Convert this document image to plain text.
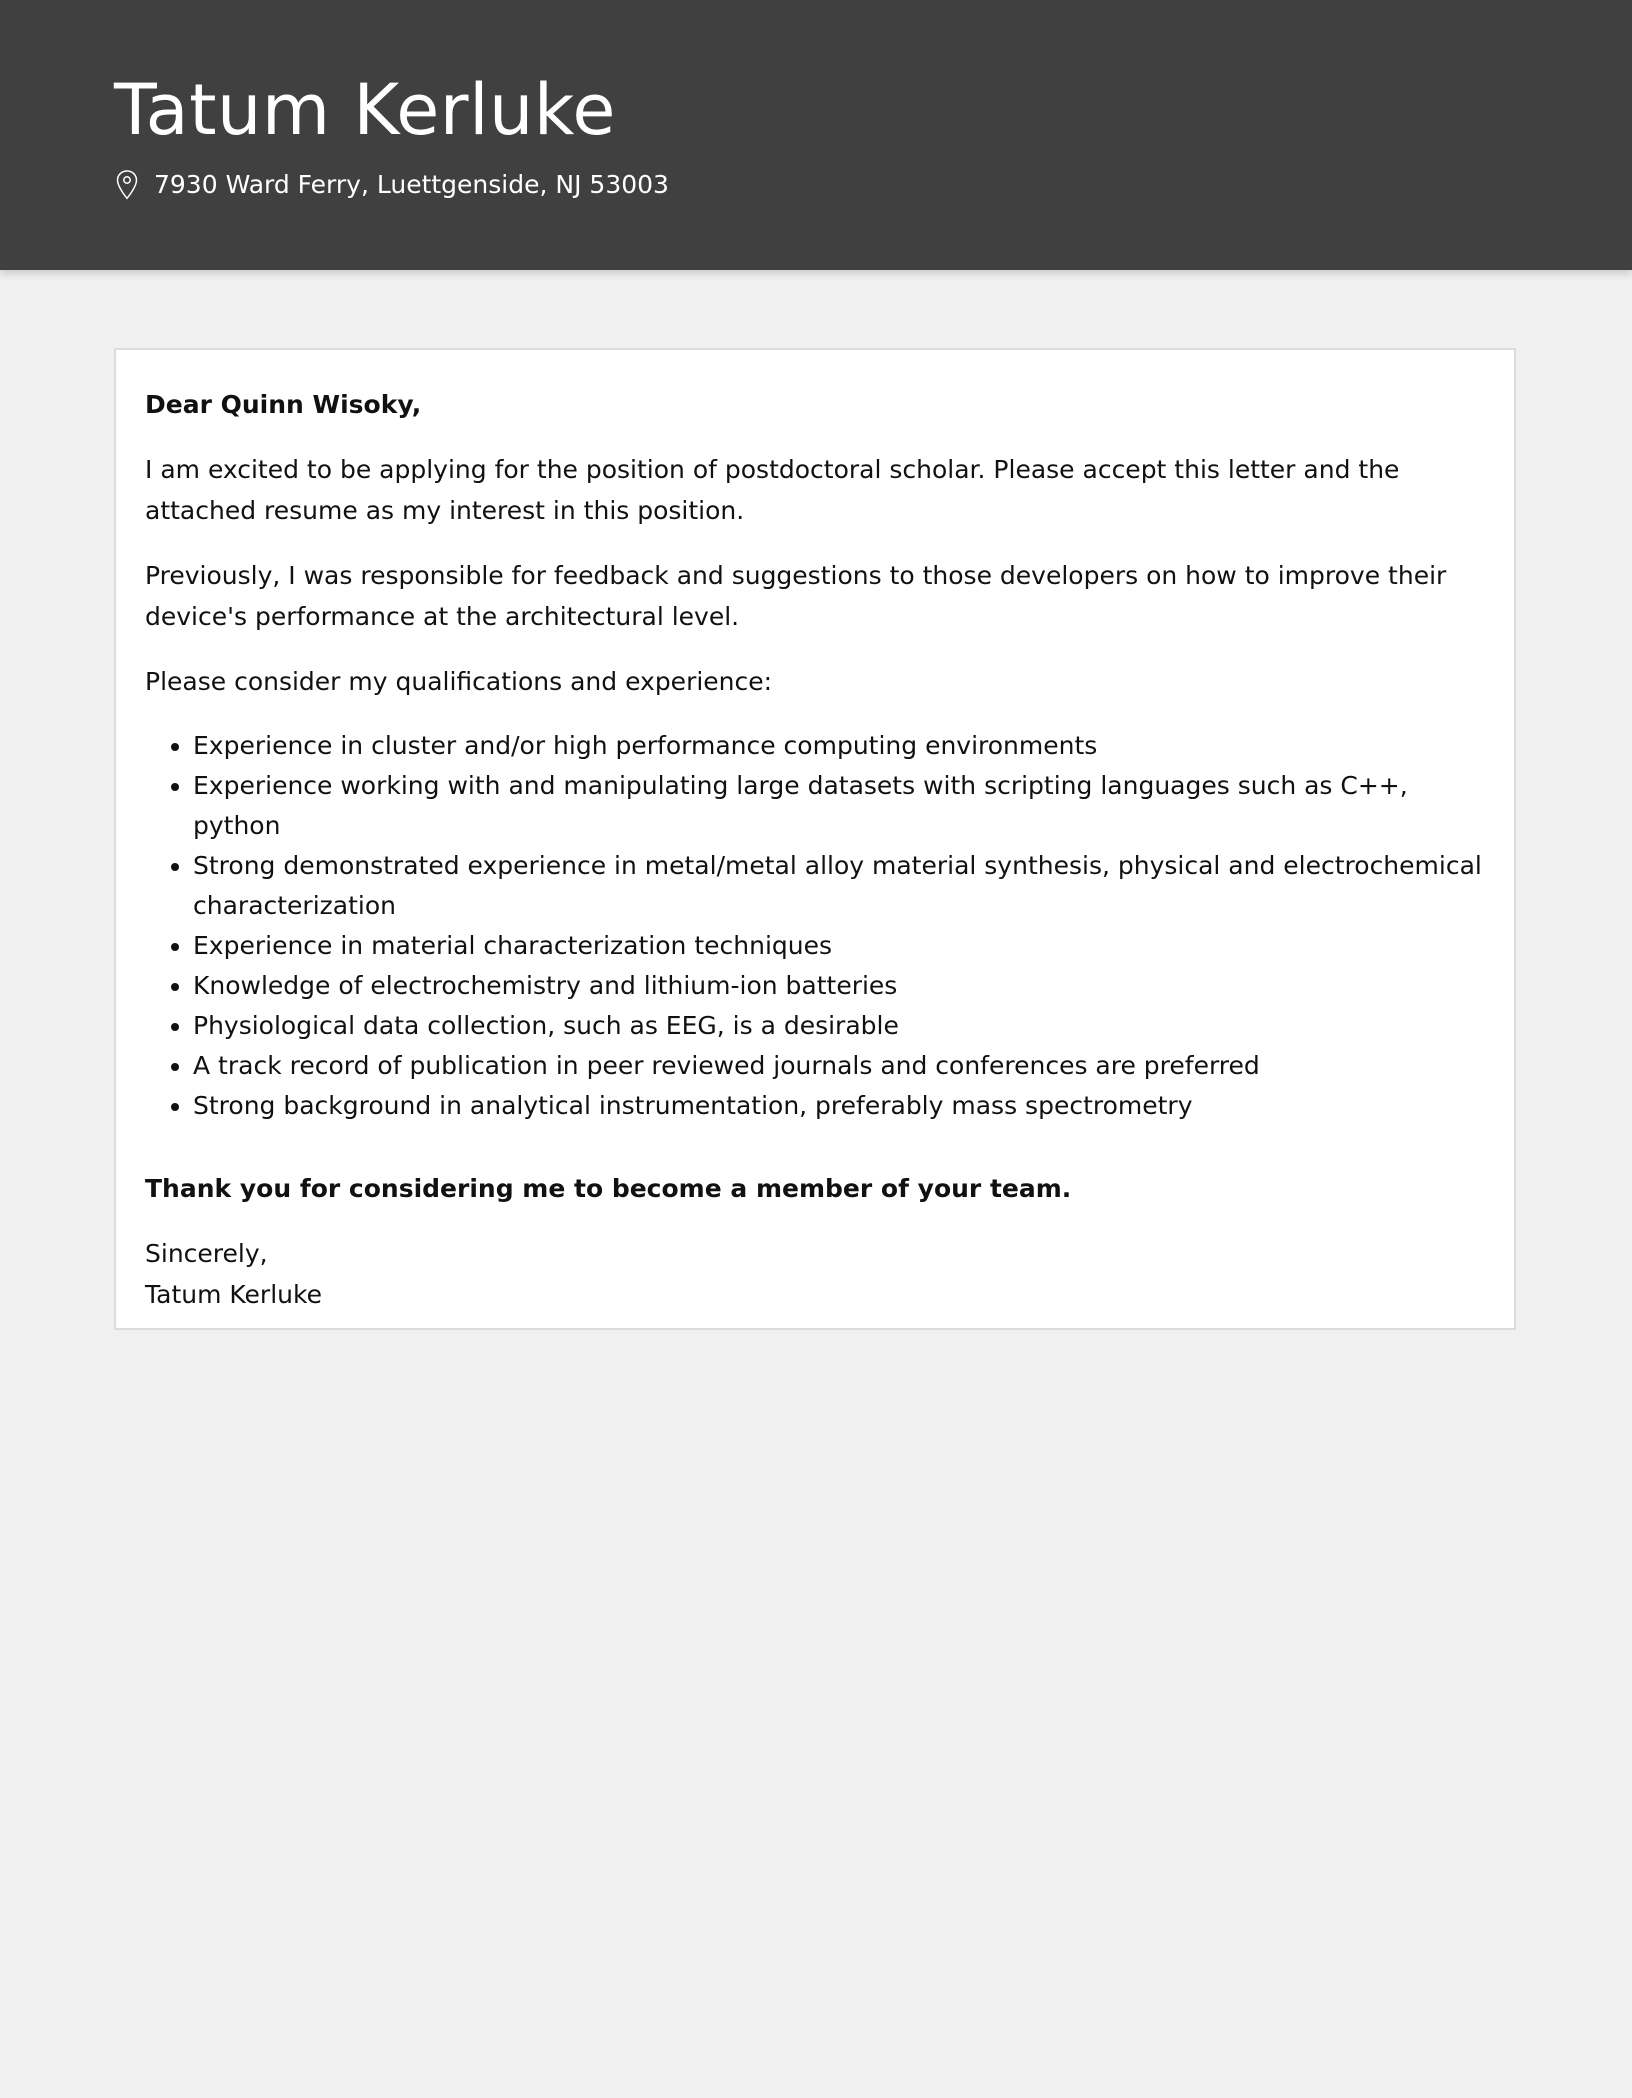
Tatum Kerluke
7930 Ward Ferry, Luettgenside, NJ 53003

Dear Quinn Wisoky,

I am excited to be applying for the position of postdoctoral scholar. Please accept this letter and the attached resume as my interest in this position.

Previously, I was responsible for feedback and suggestions to those developers on how to improve their device's performance at the architectural level.

Please consider my qualifications and experience:

• Experience in cluster and/or high performance computing environments
• Experience working with and manipulating large datasets with scripting languages such as C++, python
• Strong demonstrated experience in metal/metal alloy material synthesis, physical and electrochemical characterization
• Experience in material characterization techniques
• Knowledge of electrochemistry and lithium-ion batteries
• Physiological data collection, such as EEG, is a desirable
• A track record of publication in peer reviewed journals and conferences are preferred
• Strong background in analytical instrumentation, preferably mass spectrometry

Thank you for considering me to become a member of your team.

Sincerely,
Tatum Kerluke
